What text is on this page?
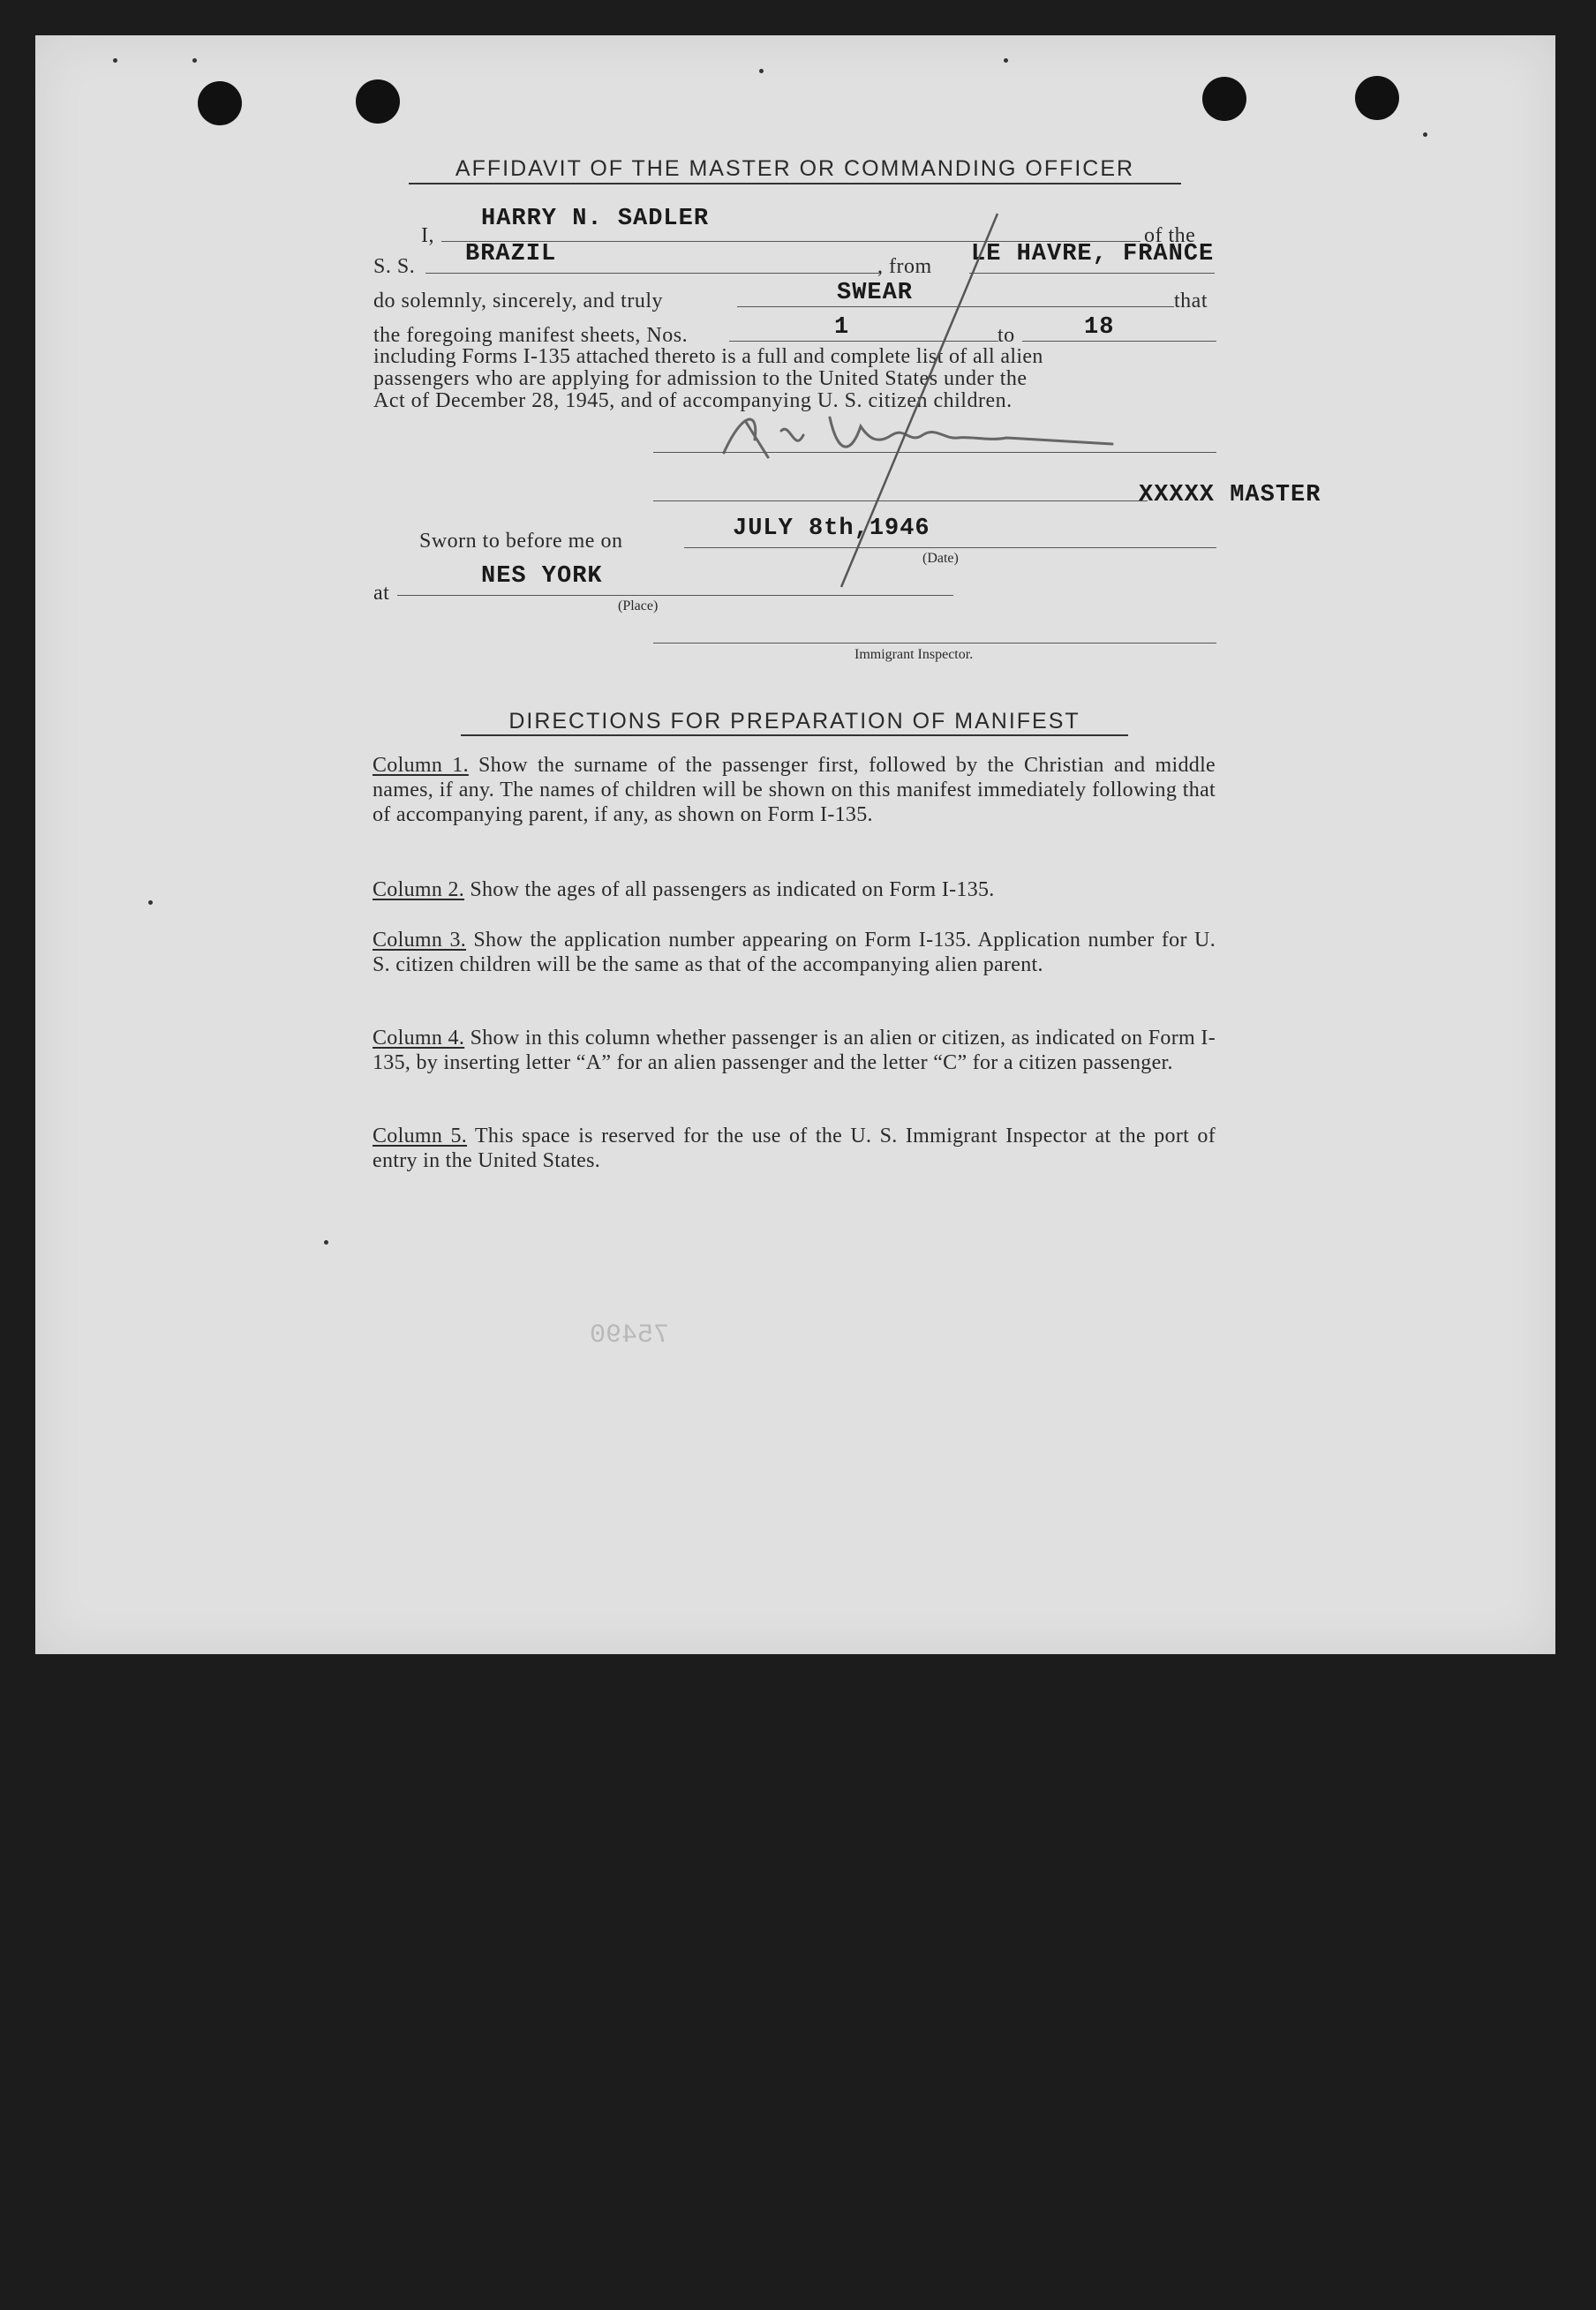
AFFIDAVIT OF THE MASTER OR COMMANDING OFFICER
I,
HARRY N. SADLER
of the
S. S. BRAZIL	, from LE HAVRE, FRANCE
do solemnly, sincerely, and truly	SWEAR	that
the foregoing manifest sheets, Nos.	1	to	18
including Forms I-135 attached thereto is a full and complete list of all alien
passengers who are applying for admission to the United States under the
Act of December 28, 1945, and of accompanying U. S. citizen children.
XXXXX MASTER
Sworn to before me on	JULY 8th,1946
(Date)
at
NES YORK
(Place)
Immigrant Inspector.
DIRECTIONS FOR PREPARATION OF MANIFEST
Column 1. Show the surname of the passenger first, followed by the Christian and middle names, if any. The names of children will be shown on this manifest immediately following that of accompanying parent, if any, as shown on Form I-135.
Column 2. Show the ages of all passengers as indicated on Form I-135.
Column 3. Show the application number appearing on Form I-135. Application number for U. S. citizen children will be the same as that of the accompanying alien parent.
Column 4. Show in this column whether passenger is an alien or citizen, as indicated on Form I-135, by inserting letter “A” for an alien passenger and the letter “C” for a citizen passenger.
Column 5. This space is reserved for the use of the U. S. Immigrant Inspector at the port of entry in the United States.
75490
